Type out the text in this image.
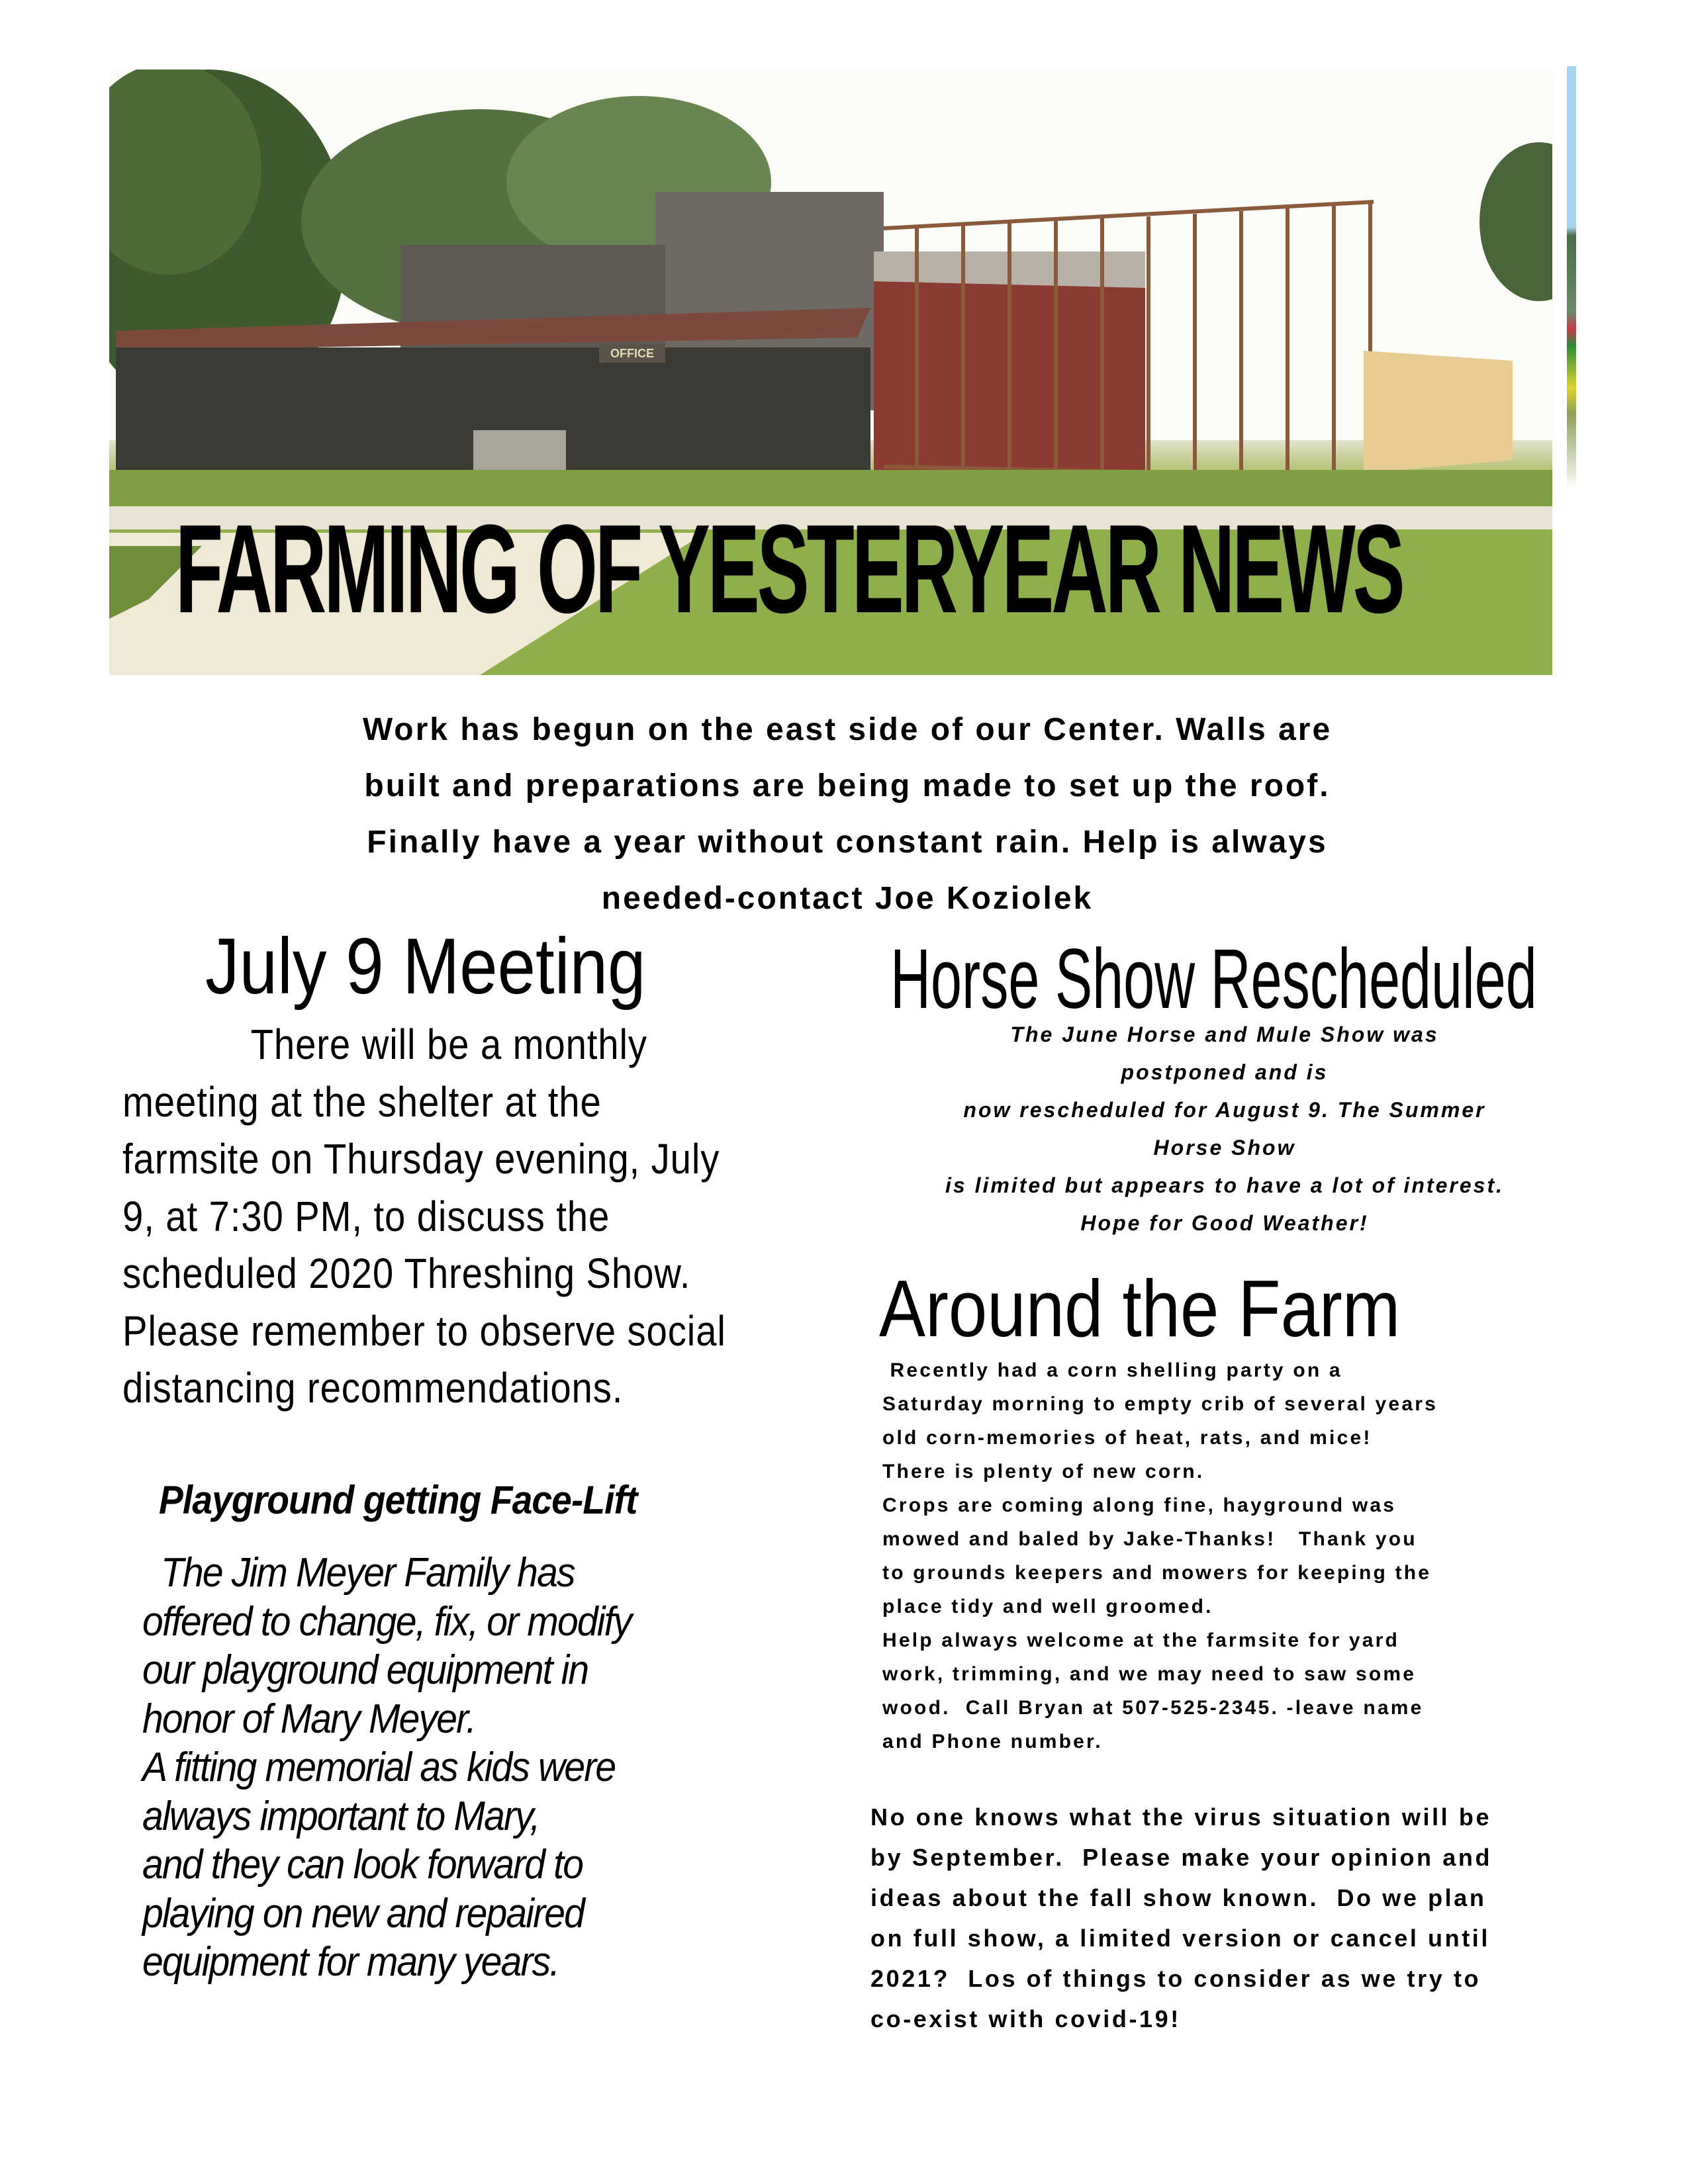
OFFICE
FARMING OF YESTERYEAR NEWS
Work has begun on the east side of our Center. Walls are
built and preparations are being made to set up the roof.
Finally have a year without constant rain. Help is always
needed-contact Joe Koziolek
July 9 Meeting
There will be a monthly
meeting at the shelter at the
farmsite on Thursday evening, July
9, at 7:30 PM, to discuss the
scheduled 2020 Threshing Show.
Please remember to observe social
distancing recommendations.
Playground getting Face-Lift
The Jim Meyer Family has
offered to change, fix, or modify
our playground equipment in
honor of Mary Meyer.
A fitting memorial as kids were
always important to Mary,
and they can look forward to
playing on new and repaired
equipment for many years.
Horse Show Rescheduled
The June Horse and Mule Show was
postponed and is
now rescheduled for August 9. The Summer
Horse Show
is limited but appears to have a lot of interest.
Hope for Good Weather!
Around the Farm
Recently had a corn shelling party on a
Saturday morning to empty crib of several years
old corn-memories of heat, rats, and mice!
There is plenty of new corn.
Crops are coming along fine, hayground was
mowed and baled by Jake-Thanks!   Thank you
to grounds keepers and mowers for keeping the
place tidy and well groomed.
Help always welcome at the farmsite for yard
work, trimming, and we may need to saw some
wood.  Call Bryan at 507-525-2345. -leave name
and Phone number.
No one knows what the virus situation will be
by September.  Please make your opinion and
ideas about the fall show known.  Do we plan
on full show, a limited version or cancel until
2021?  Los of things to consider as we try to
co-exist with covid-19!
